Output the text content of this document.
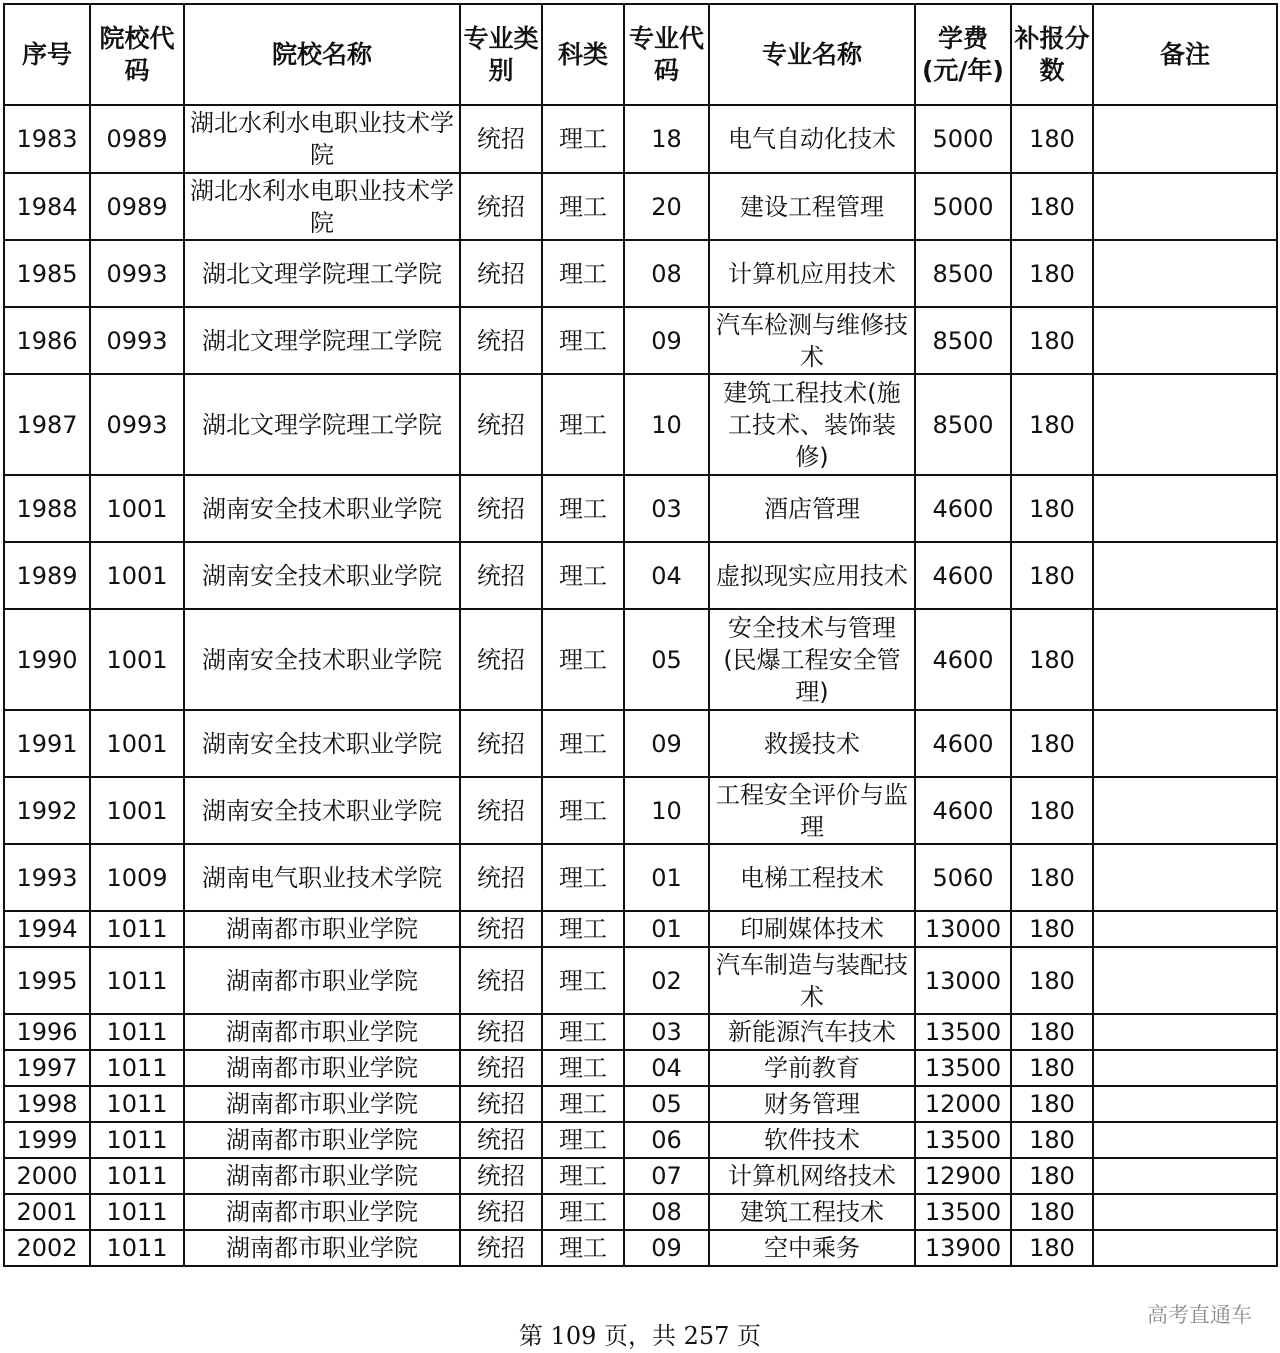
序号	院校代码	院校名称	专业类别	科类	专业代码	专业名称	学费(元/年)	补报分数	备注
1983	0989	湖北水利水电职业技术学院	统招	理工	18	电气自动化技术	5000	180	
1984	0989	湖北水利水电职业技术学院	统招	理工	20	建设工程管理	5000	180	
1985	0993	湖北文理学院理工学院	统招	理工	08	计算机应用技术	8500	180	
1986	0993	湖北文理学院理工学院	统招	理工	09	汽车检测与维修技术	8500	180	
1987	0993	湖北文理学院理工学院	统招	理工	10	建筑工程技术(施工技术、装饰装修)	8500	180	
1988	1001	湖南安全技术职业学院	统招	理工	03	酒店管理	4600	180	
1989	1001	湖南安全技术职业学院	统招	理工	04	虚拟现实应用技术	4600	180	
1990	1001	湖南安全技术职业学院	统招	理工	05	安全技术与管理(民爆工程安全管理)	4600	180	
1991	1001	湖南安全技术职业学院	统招	理工	09	救援技术	4600	180	
1992	1001	湖南安全技术职业学院	统招	理工	10	工程安全评价与监理	4600	180	
1993	1009	湖南电气职业技术学院	统招	理工	01	电梯工程技术	5060	180	
1994	1011	湖南都市职业学院	统招	理工	01	印刷媒体技术	13000	180	
1995	1011	湖南都市职业学院	统招	理工	02	汽车制造与装配技术	13000	180	
1996	1011	湖南都市职业学院	统招	理工	03	新能源汽车技术	13500	180	
1997	1011	湖南都市职业学院	统招	理工	04	学前教育	13500	180	
1998	1011	湖南都市职业学院	统招	理工	05	财务管理	12000	180	
1999	1011	湖南都市职业学院	统招	理工	06	软件技术	13500	180	
2000	1011	湖南都市职业学院	统招	理工	07	计算机网络技术	12900	180	
2001	1011	湖南都市职业学院	统招	理工	08	建筑工程技术	13500	180	
2002	1011	湖南都市职业学院	统招	理工	09	空中乘务	13900	180	
第 109 页，共 257 页
高考直通车
